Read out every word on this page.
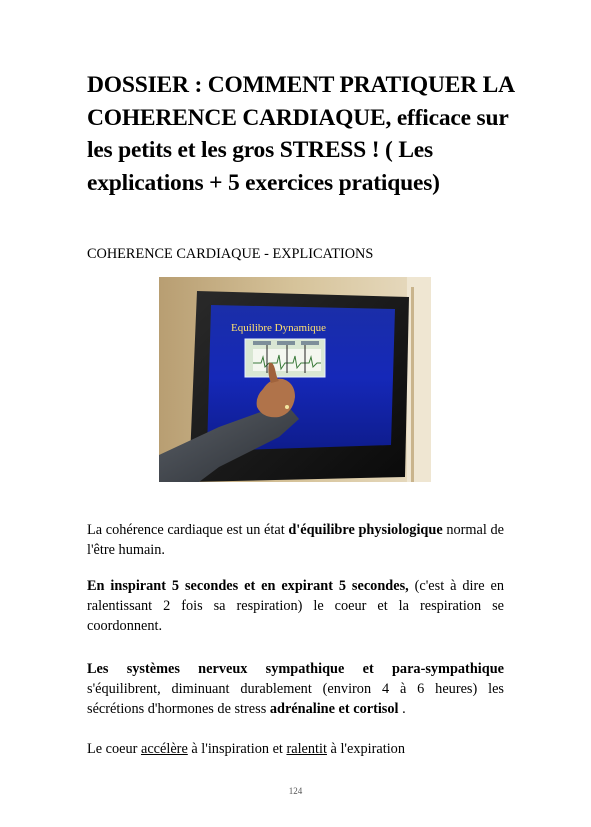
DOSSIER : COMMENT PRATIQUER LA COHERENCE CARDIAQUE, efficace sur les petits et les gros STRESS ! ( Les explications + 5 exercices pratiques)
COHERENCE CARDIAQUE - EXPLICATIONS
Equilibre Dynamique

La cohérence cardiaque est un état d'équilibre physiologique normal de l'être humain.

En inspirant 5 secondes et en expirant 5 secondes, (c'est à dire en ralentissant 2 fois sa respiration) le coeur et la respiration se coordonnent.

Les systèmes nerveux sympathique et para-sympathique s'équilibrent, diminuant durablement (environ 4 à 6 heures) les sécrétions d'hormones de stress adrénaline et cortisol .

Le coeur accélère à l'inspiration et ralentit à l'expiration

124
